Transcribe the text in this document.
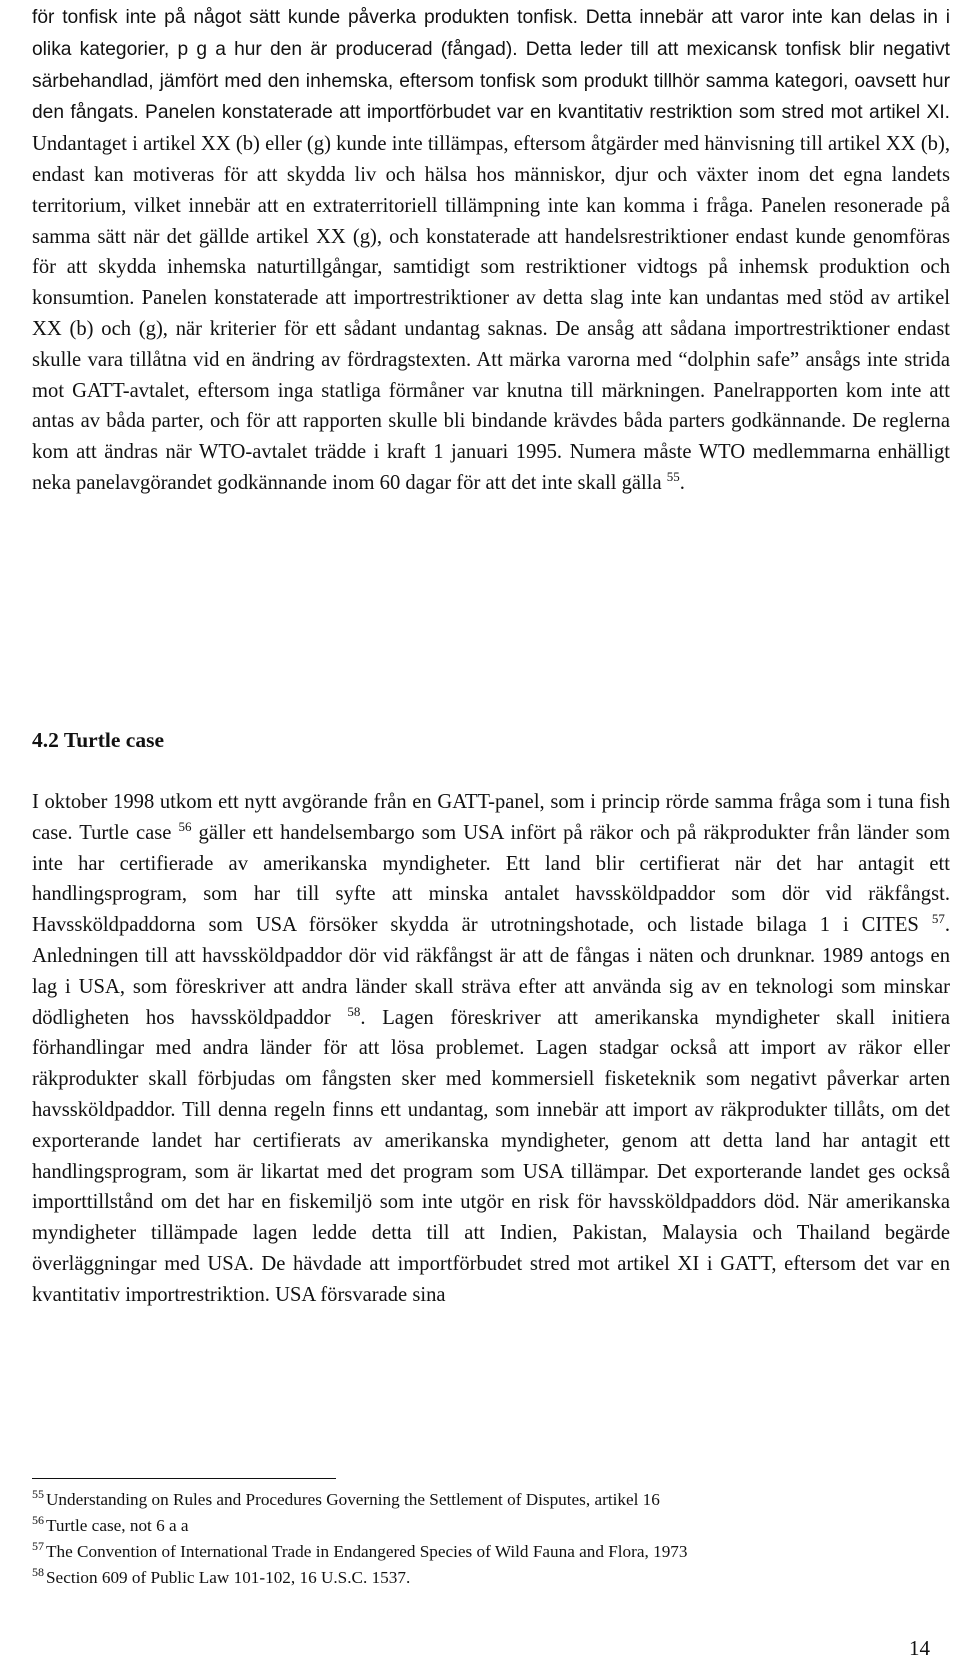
för tonfisk inte på något sätt kunde påverka produkten tonfisk. Detta innebär att varor inte kan delas in i olika kategorier, p g a hur den är producerad (fångad). Detta leder till att mexicansk tonfisk blir negativt särbehandlad, jämfört med den inhemska, eftersom tonfisk som produkt tillhör samma kategori, oavsett hur den fångats. Panelen konstaterade att importförbudet var en kvantitativ restriktion som stred mot artikel XI. Undantaget i artikel XX (b) eller (g) kunde inte tillämpas, eftersom åtgärder med hänvisning till artikel XX (b), endast kan motiveras för att skydda liv och hälsa hos människor, djur och växter inom det egna landets territorium, vilket innebär att en extraterritoriell tillämpning inte kan komma i fråga. Panelen resonerade på samma sätt när det gällde artikel XX (g), och konstaterade att handelsrestriktioner endast kunde genomföras för att skydda inhemska naturtillgångar, samtidigt som restriktioner vidtogs på inhemsk produktion och konsumtion. Panelen konstaterade att importrestriktioner av detta slag inte kan undantas med stöd av artikel XX (b) och (g), när kriterier för ett sådant undantag saknas. De ansåg att sådana importrestriktioner endast skulle vara tillåtna vid en ändring av fördragstexten. Att märka varorna med “dolphin safe” ansågs inte strida mot GATT-avtalet, eftersom inga statliga förmåner var knutna till märkningen. Panelrapporten kom inte att antas av båda parter, och för att rapporten skulle bli bindande krävdes båda parters godkännande. De reglerna kom att ändras när WTO-avtalet trädde i kraft 1 januari 1995. Numera måste WTO medlemmarna enhälligt neka panelavgörandet godkännande inom 60 dagar för att det inte skall gälla $^{55}$.

4.2 Turtle case

I oktober 1998 utkom ett nytt avgörande från en GATT-panel, som i princip rörde samma fråga som i tuna fish case. Turtle case $^{56}$ gäller ett handelsembargo som USA infört på räkor och på räkprodukter från länder som inte har certifierade av amerikanska myndigheter. Ett land blir certifierat när det har antagit ett handlingsprogram, som har till syfte att minska antalet havssköldpaddor som dör vid räkfångst. Havssköldpaddorna som USA försöker skydda är utrotningshotade, och listade bilaga 1 i CITES $^{57}$. Anledningen till att havssköldpaddor dör vid räkfångst är att de fångas i näten och drunknar. 1989 antogs en lag i USA, som föreskriver att andra länder skall sträva efter att använda sig av en teknologi som minskar dödligheten hos havssköldpaddor $^{58}$. Lagen föreskriver att amerikanska myndigheter skall initiera förhandlingar med andra länder för att lösa problemet. Lagen stadgar också att import av räkor eller räkprodukter skall förbjudas om fångsten sker med kommersiell fisketeknik som negativt påverkar arten havssköldpaddor. Till denna regeln finns ett undantag, som innebär att import av räkprodukter tillåts, om det exporterande landet har certifierats av amerikanska myndigheter, genom att detta land har antagit ett handlingsprogram, som är likartat med det program som USA tillämpar. Det exporterande landet ges också importtillstånd om det har en fiskemiljö som inte utgör en risk för havssköldpaddors död. När amerikanska myndigheter tillämpade lagen ledde detta till att Indien, Pakistan, Malaysia och Thailand begärde överläggningar med USA. De hävdade att importförbudet stred mot artikel XI i GATT, eftersom det var en kvantitativ importrestriktion. USA försvarade sina

$^{55}$ Understanding on Rules and Procedures Governing the Settlement of Disputes, artikel 16

$^{56}$ Turtle case, not 6 a a

$^{57}$ The Convention of International Trade in Endangered Species of Wild Fauna and Flora, 1973

$^{58}$ Section 609 of Public Law 101-102, 16 U.S.C. 1537.

14
